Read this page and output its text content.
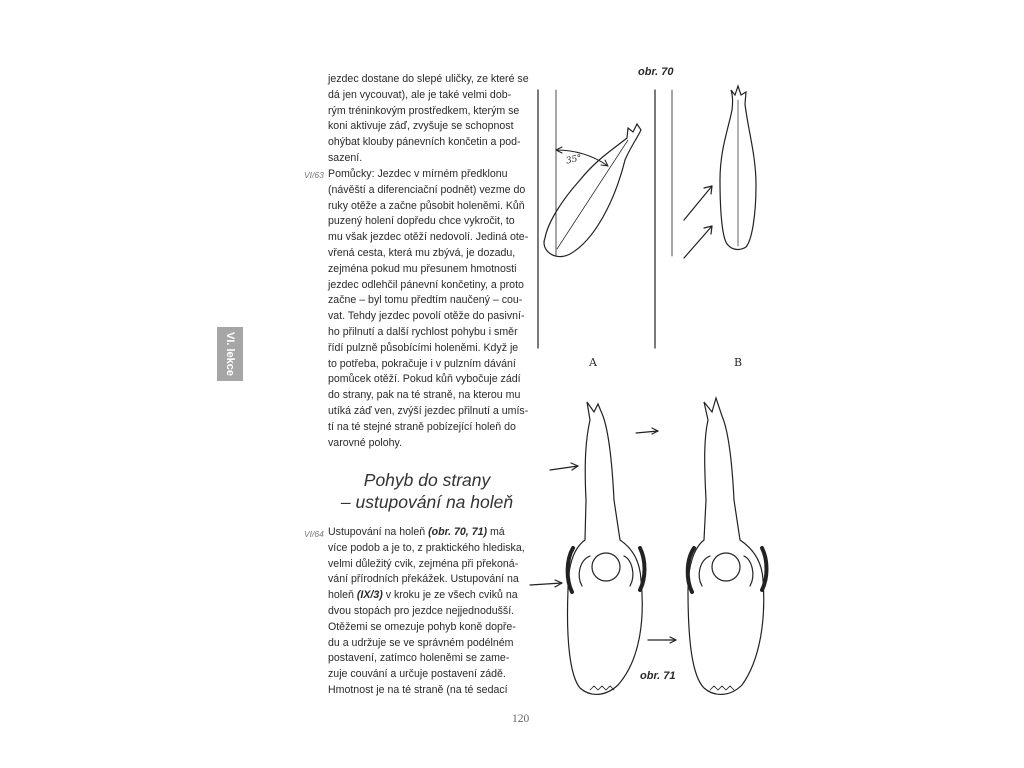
VI. lekce
jezdec dostane do slepé uličky, ze které se
dá jen vycouvat), ale je také velmi dob-
rým tréninkovým prostředkem, kterým se
koni aktivuje záď, zvyšuje se schopnost
ohýbat klouby pánevních končetin a pod-
sazení.
VI/63 Pomůcky: Jezdec v mírném předklonu
(návěští a diferenciační podnět) vezme do
ruky otěže a začne působit holeněmi. Kůň
puzený holení dopředu chce vykročit, to
mu však jezdec otěží nedovolí. Jediná ote-
vřená cesta, která mu zbývá, je dozadu,
zejména pokud mu přesunem hmotnosti
jezdec odlehčil pánevní končetiny, a proto
začne – byl tomu předtím naučený – cou-
vat. Tehdy jezdec povolí otěže do pasivní-
ho přilnutí a další rychlost pohybu i směr
řídí pulzně působícími holeněmi. Když je
to potřeba, pokračuje i v pulzním dávání
pomůcek otěží. Pokud kůň vybočuje zádí
do strany, pak na té straně, na kterou mu
utíká záď ven, zvýší jezdec přilnutí a umís-
tí na té stejné straně pobízející holeň do
varovné polohy.
Pohyb do strany
– ustupování na holeň
VI/64 Ustupování na holeň (obr. 70, 71) má
více podob a je to, z praktického hlediska,
velmi důležitý cvik, zejména při překoná-
vání přírodních překážek. Ustupování na
holeň (IX/3) v kroku je ze všech cviků na
dvou stopách pro jezdce nejjednodušší.
Otěžemi se omezuje pohyb koně dopře-
du a udržuje se ve správném podélném
postavení, zatímco holeněmi se zame-
zuje couvání a určuje postavení zádě.
Hmotnost je na té straně (na té sedací
obr. 70
35°
A	B
obr. 71
120
